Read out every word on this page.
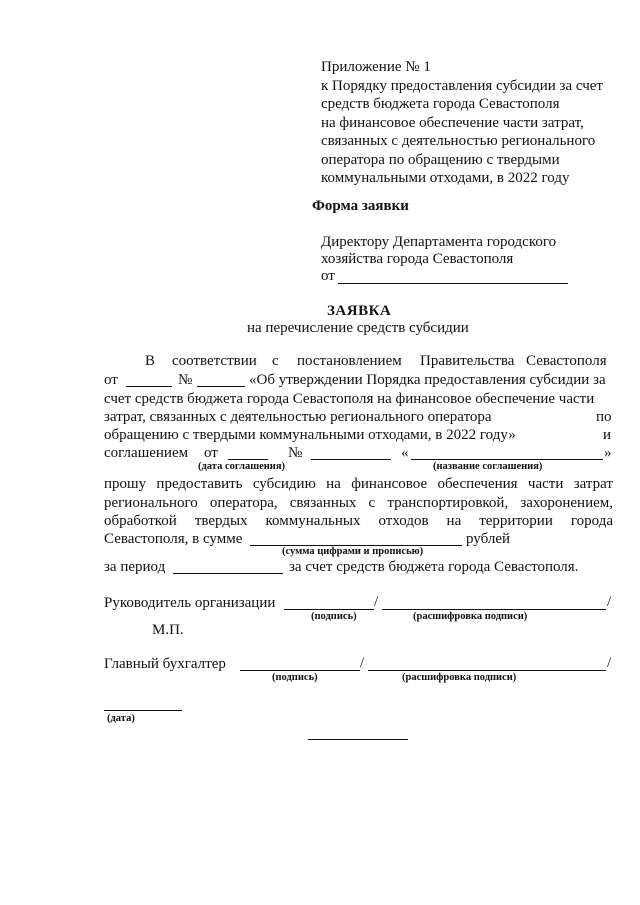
Приложение № 1
к Порядку предоставления субсидии за счет
средств бюджета города Севастополя
на финансовое обеспечение части затрат,
связанных с деятельностью регионального
оператора по обращению с твердыми
коммунальными отходами, в 2022 году
Форма заявки
Директору Департамента городского
хозяйства города Севастополя
от
ЗАЯВКА
на перечисление средств субсидии
В соответствии с постановлением Правительства Севастополя
от	№	«Об утверждении Порядка предоставления субсидии за
счет средств бюджета города Севастополя на финансовое обеспечение части
затрат, связанных с деятельностью регионального оператора	по
обращению с твердыми коммунальными отходами, в 2022 году»	и
соглашением от	№	«	»
(дата соглашения)	(название соглашения)
прошу предоставить субсидию на финансовое обеспечения части затрат
регионального оператора, связанных с транспортировкой, захоронением,
обработкой твердых коммунальных отходов на территории города
Севастополя, в сумме	рублей
(сумма цифрами и прописью)
за период	за счет средств бюджета города Севастополя.
Руководитель организации	/	/
(подпись)	(расшифровка подписи)
М.П.
Главный бухгалтер	/	/
(подпись)	(расшифровка подписи)
(дата)
